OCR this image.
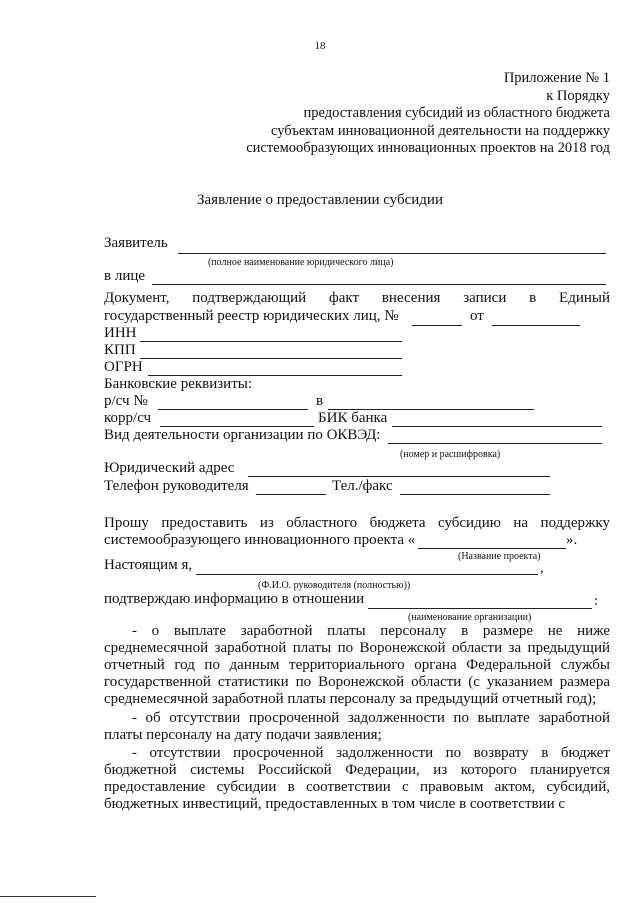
18
Приложение № 1
к Порядку
предоставления субсидий из областного бюджета
субъектам инновационной деятельности на поддержку
системообразующих инновационных проектов на 2018 год
Заявление о предоставлении субсидии
Заявитель
(полное наименование юридического лица)
в лице
Документ, подтверждающий факт внесения записи в Единый
государственный реестр юридических лиц, №	от
ИНН
КПП
ОГРН
Банковские реквизиты:
р/сч №	в
корр/сч	БИК банка
Вид деятельности организации по ОКВЭД:
(номер и расшифровка)
Юридический адрес
Телефон руководителя	Тел./факс
Прошу предоставить из областного бюджета субсидию на поддержку
системообразующего инновационного проекта «	».
(Название проекта)
Настоящим я,	,
(Ф.И.О. руководителя (полностью))
подтверждаю информацию в отношении	:
(наименование организации)
- о выплате заработной платы персоналу в размере не ниже среднемесячной заработной платы по Воронежской области за предыдущий отчетный год по данным территориального органа Федеральной службы государственной статистики по Воронежской области (с указанием размера среднемесячной заработной платы персоналу за предыдущий отчетный год);
- об отсутствии просроченной задолженности по выплате заработной платы персоналу на дату подачи заявления;
- отсутствии просроченной задолженности по возврату в бюджет бюджетной системы Российской Федерации, из которого планируется предоставление субсидии в соответствии с правовым актом, субсидий, бюджетных инвестиций, предоставленных в том числе в соответствии с
